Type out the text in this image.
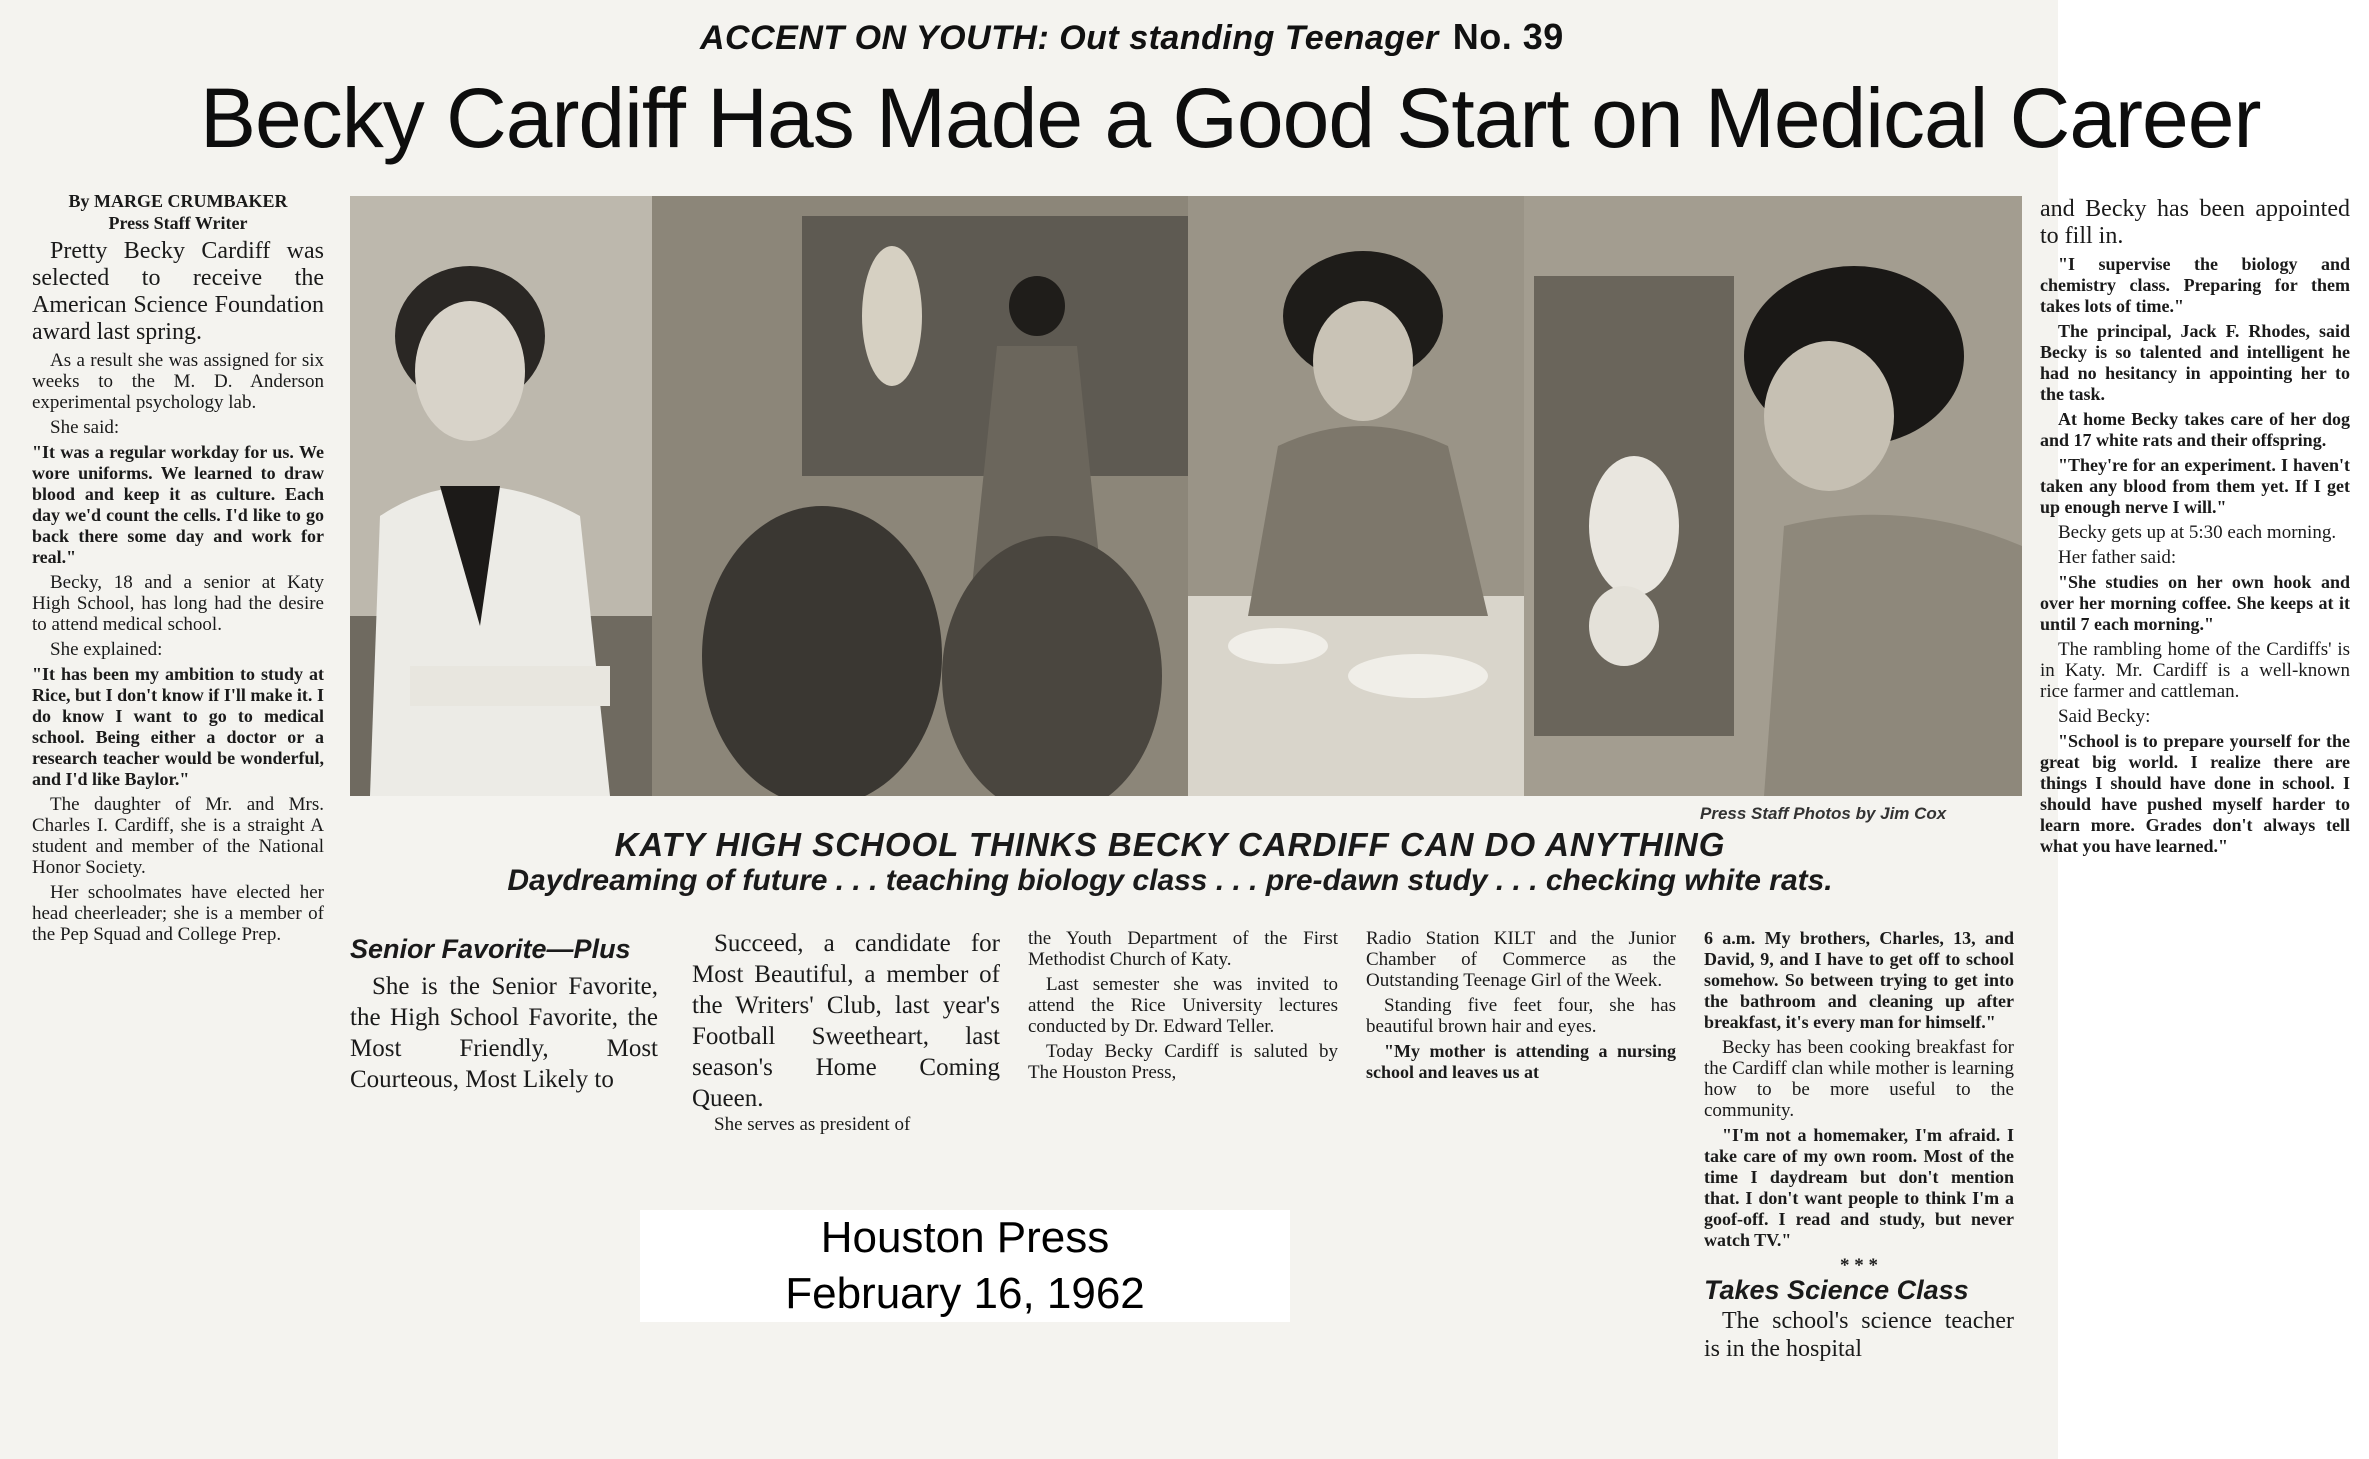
ACCENT ON YOUTH: Out standing Teenager No. 39
Becky Cardiff Has Made a Good Start on Medical Career
By MARGE CRUMBAKER
Press Staff Writer

Pretty Becky Cardiff was selected to receive the American Science Foundation award last spring.

As a result she was assigned for six weeks to the M. D. Anderson experimental psychology lab.

She said:

"It was a regular workday for us. We wore uniforms. We learned to draw blood and keep it as culture. Each day we'd count the cells. I'd like to go back there some day and work for real."

Becky, 18 and a senior at Katy High School, has long had the desire to attend medical school.

She explained:

"It has been my ambition to study at Rice, but I don't know if I'll make it. I do know I want to go to medical school. Being either a doctor or a research teacher would be wonderful, and I'd like Baylor."

The daughter of Mr. and Mrs. Charles I. Cardiff, she is a straight A student and member of the National Honor Society.

Her schoolmates have elected her head cheerleader; she is a member of the Pep Squad and College Prep.

Press Staff Photos by Jim Cox
KATY HIGH SCHOOL THINKS BECKY CARDIFF CAN DO ANYTHING
Daydreaming of future . . . teaching biology class . . . pre-dawn study . . . checking white rats.
Senior Favorite—Plus

She is the Senior Favorite, the High School Favorite, the Most Friendly, Most Courteous, Most Likely to

Succeed, a candidate for Most Beautiful, a member of the Writers' Club, last year's Football Sweetheart, last season's Home Coming Queen.

She serves as president of

the Youth Department of the First Methodist Church of Katy.

Last semester she was invited to attend the Rice University lectures conducted by Dr. Edward Teller.

Today Becky Cardiff is saluted by The Houston Press,

Radio Station KILT and the Junior Chamber of Commerce as the Outstanding Teenage Girl of the Week.

Standing five feet four, she has beautiful brown hair and eyes.

"My mother is attending a nursing school and leaves us at

6 a.m. My brothers, Charles, 13, and David, 9, and I have to get off to school somehow. So between trying to get into the bathroom and cleaning up after breakfast, it's every man for himself."

Becky has been cooking breakfast for the Cardiff clan while mother is learning how to be more useful to the community.

"I'm not a homemaker, I'm afraid. I take care of my own room. Most of the time I daydream but don't mention that. I don't want people to think I'm a goof-off. I read and study, but never watch TV."

* * *
Takes Science Class

The school's science teacher is in the hospital

and Becky has been appointed to fill in.

"I supervise the biology and chemistry class. Preparing for them takes lots of time."

The principal, Jack F. Rhodes, said Becky is so talented and intelligent he had no hesitancy in appointing her to the task.

At home Becky takes care of her dog and 17 white rats and their offspring.

"They're for an experiment. I haven't taken any blood from them yet. If I get up enough nerve I will."

Becky gets up at 5:30 each morning.

Her father said:

"She studies on her own hook and over her morning coffee. She keeps at it until 7 each morning."

The rambling home of the Cardiffs' is in Katy. Mr. Cardiff is a well-known rice farmer and cattleman.

Said Becky:

"School is to prepare yourself for the great big world. I realize there are things I should have done in school. I should have pushed myself harder to learn more. Grades don't always tell what you have learned."

Houston Press
February 16, 1962
